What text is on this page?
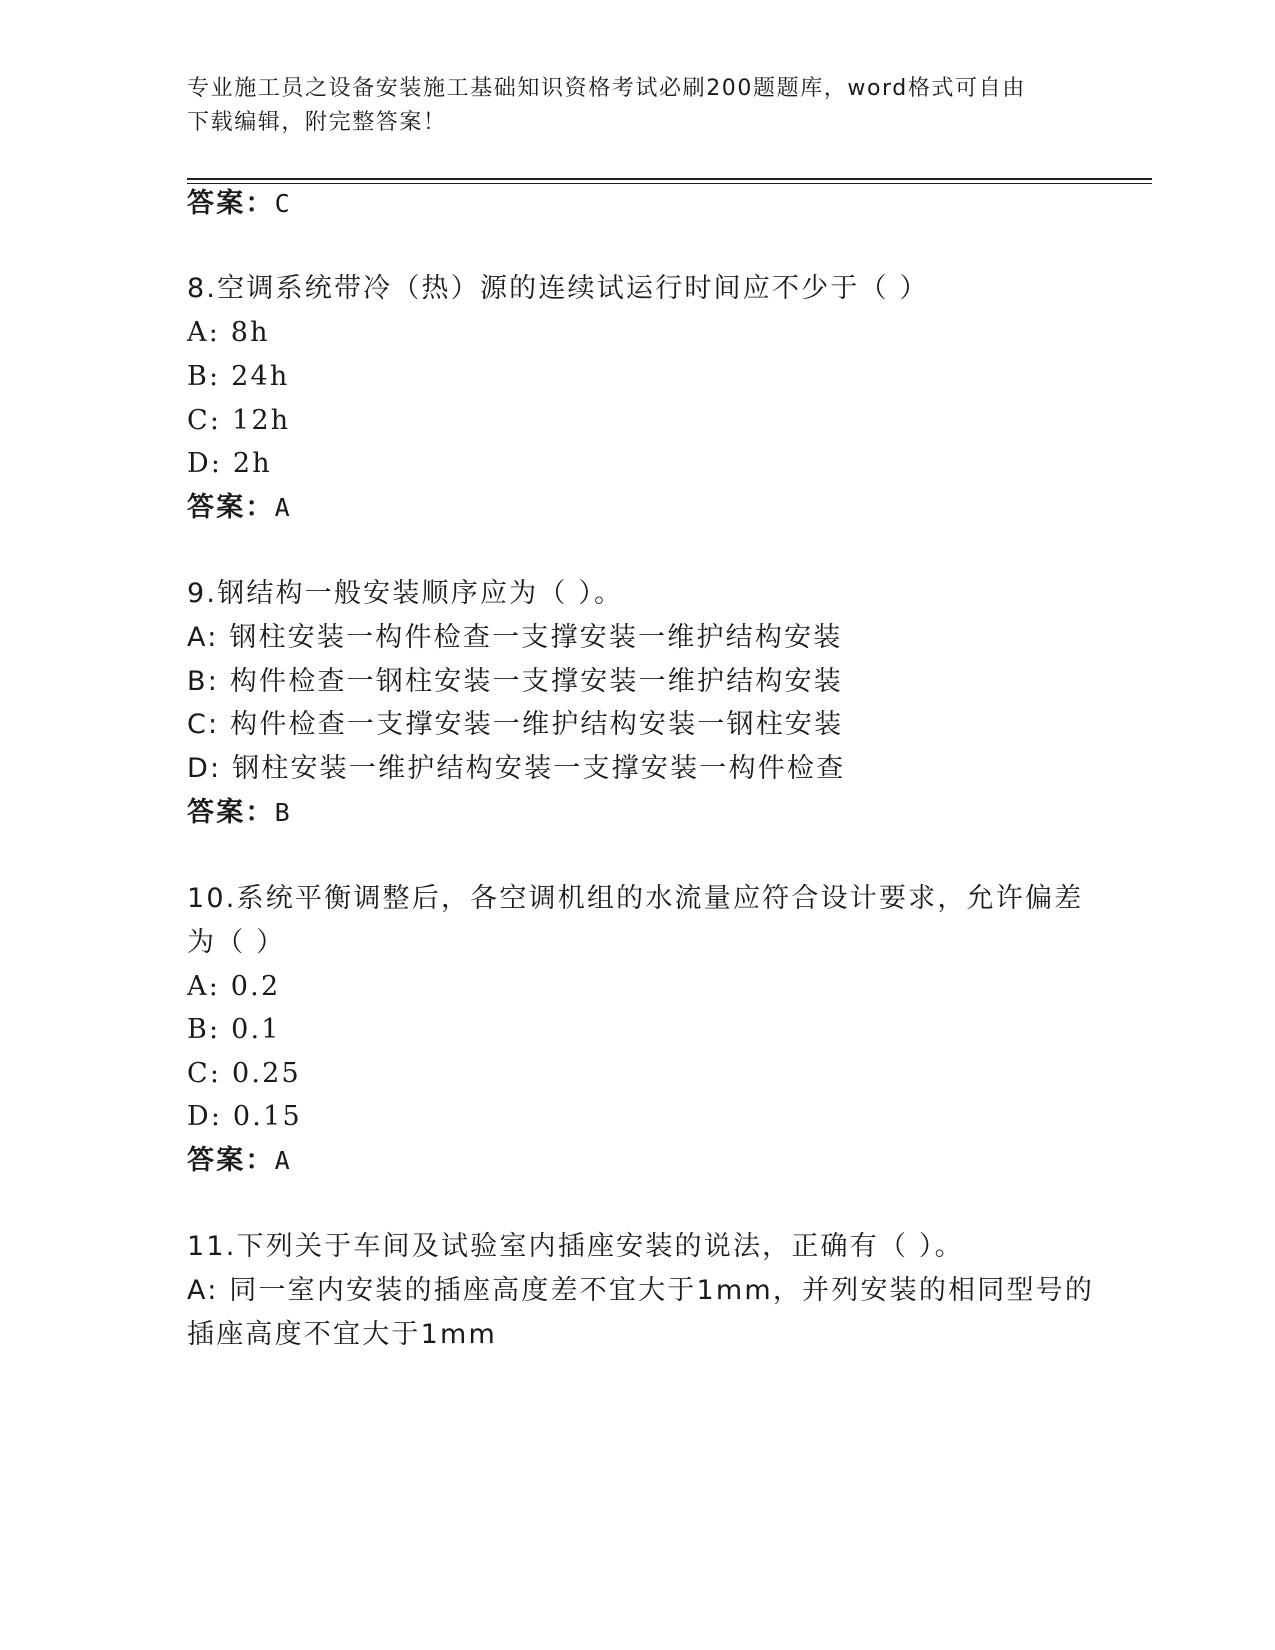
专业施工员之设备安装施工基础知识资格考试必刷200题题库，word格式可自由
下载编辑，附完整答案！
答案：C
8.空调系统带冷（热）源的连续试运行时间应不少于（ ）
A: 8h
B: 24h
C: 12h
D: 2h
答案：A
9.钢结构一般安装顺序应为（ ）。
A: 钢柱安装一构件检查一支撑安装一维护结构安装
B: 构件检查一钢柱安装一支撑安装一维护结构安装
C: 构件检查一支撑安装一维护结构安装一钢柱安装
D: 钢柱安装一维护结构安装一支撑安装一构件检查
答案：B
10.系统平衡调整后，各空调机组的水流量应符合设计要求，允许偏差
为（ ）
A: 0.2
B: 0.1
C: 0.25
D: 0.15
答案：A
11.下列关于车间及试验室内插座安装的说法，正确有（ ）。
A: 同一室内安装的插座高度差不宜大于1mm，并列安装的相同型号的
插座高度不宜大于1mm
